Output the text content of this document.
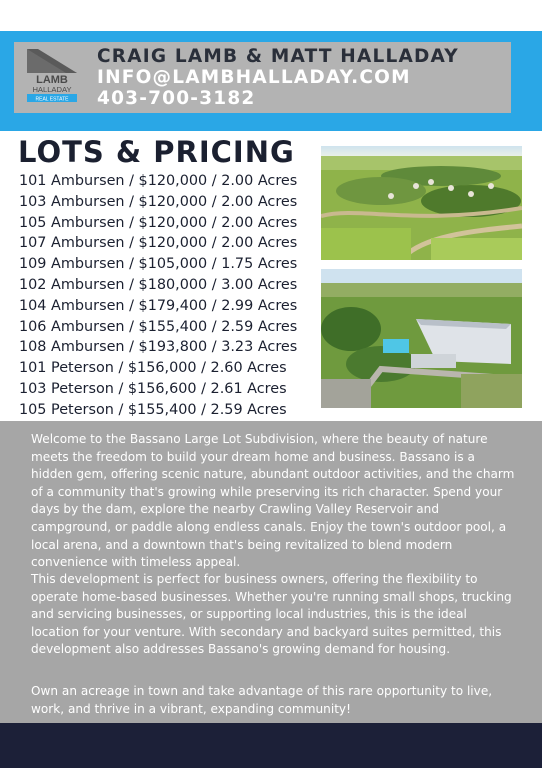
LAMB
HALLADAY
REAL ESTATE
CRAIG LAMB & MATT HALLADAY
INFO@LAMBHALLADAY.COM
403-700-3182
LOTS & PRICING
101 Ambursen / $120,000 / 2.00 Acres
103 Ambursen / $120,000 / 2.00 Acres
105 Ambursen / $120,000 / 2.00 Acres
107 Ambursen / $120,000 / 2.00 Acres
109 Ambursen / $105,000 / 1.75 Acres
102 Ambursen / $180,000 / 3.00 Acres
104 Ambursen / $179,400 / 2.99 Acres
106 Ambursen / $155,400 / 2.59 Acres
108 Ambursen / $193,800 / 3.23 Acres
101 Peterson / $156,000 / 2.60 Acres
103 Peterson / $156,600 / 2.61 Acres
105 Peterson / $155,400 / 2.59 Acres

Welcome to the Bassano Large Lot Subdivision, where the beauty of nature meets the freedom to build your dream home and business. Bassano is a hidden gem, offering scenic nature, abundant outdoor activities, and the charm of a community that's growing while preserving its rich character. Spend your days by the dam, explore the nearby Crawling Valley Reservoir and campground, or paddle along endless canals. Enjoy the town's outdoor pool, a local arena, and a downtown that's being revitalized to blend modern convenience with timeless appeal.

This development is perfect for business owners, offering the flexibility to operate home-based businesses. Whether you're running small shops, trucking and servicing businesses, or supporting local industries, this is the ideal location for your venture. With secondary and backyard suites permitted, this development also addresses Bassano's growing demand for housing.

Own an acreage in town and take advantage of this rare opportunity to live, work, and thrive in a vibrant, expanding community!
